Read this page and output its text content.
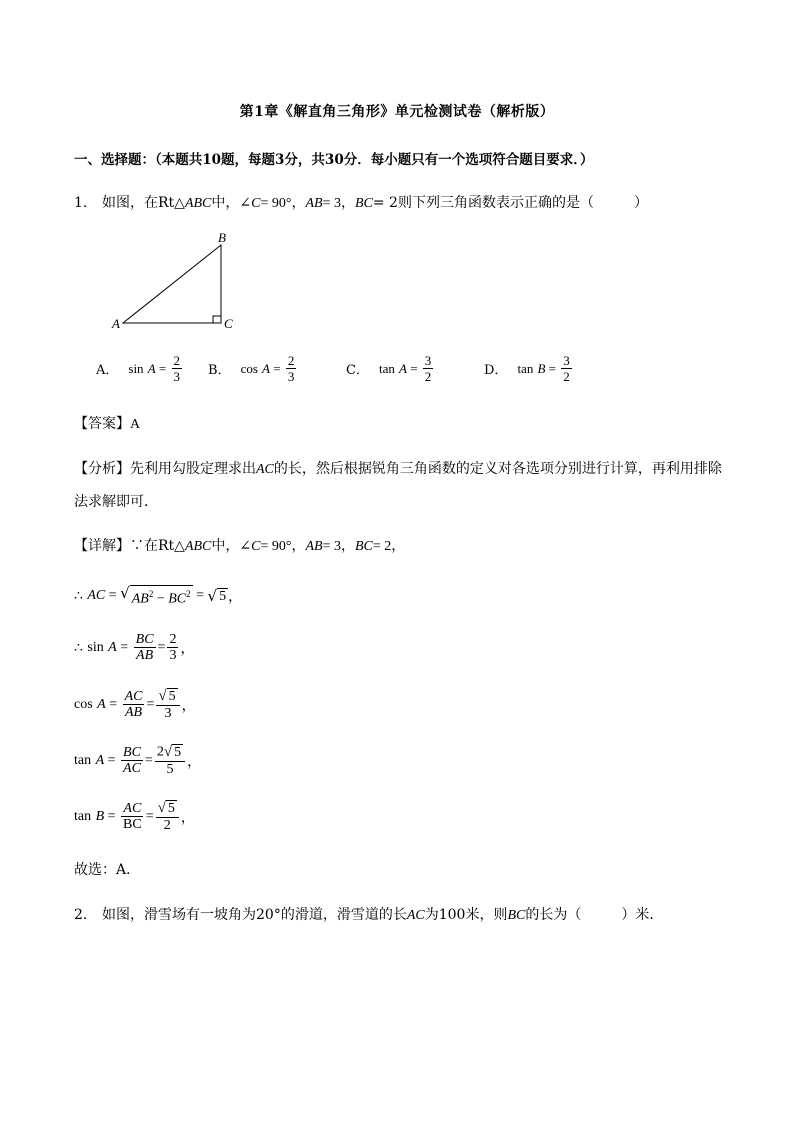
第1章《解直角三角形》单元检测试卷（解析版）
一、选择题：（本题共10题，每题3分，共30分．每小题只有一个选项符合题目要求．）
1． 如图，在Rt△ABC中，∠C= 90°，AB= 3，BC= 2则下列三角函数表示正确的是（	）
A
B
C
A． sin
$A = \frac{2}{3}$ B． cos
$A = \frac{2}{3}$	C． tan
$A = \frac{3}{2}$	D． tan
$B = \frac{3}{2}$
【答案】A
【分析】先利用勾股定理求出AC的长，然后根据锐角三角函数的定义对各选项分别进行计算，再利用排除
法求解即可．
【详解】∵在Rt△ABC中，∠C= 90°，AB= 3，BC= 2，
∴
AC
=
√ $AB^2 - BC^2$
=
√ 5 ，
∴
sin
$A = \frac{BC}{AB} = \frac{2}{3}$ ，
cos
$A = \frac{AC}{AB} = \frac{√ 5}{3}$ ，
tan
$A = \frac{BC}{AC} = \frac{2 √ 5}{5}$ ，
tan
$B = \frac{AC}{BC} = \frac{√ 5}{2}$ ，
故选：A．
2． 如图，滑雪场有一坡角为20°的滑道，滑雪道的长AC为100米，则BC的长为（	）米．
